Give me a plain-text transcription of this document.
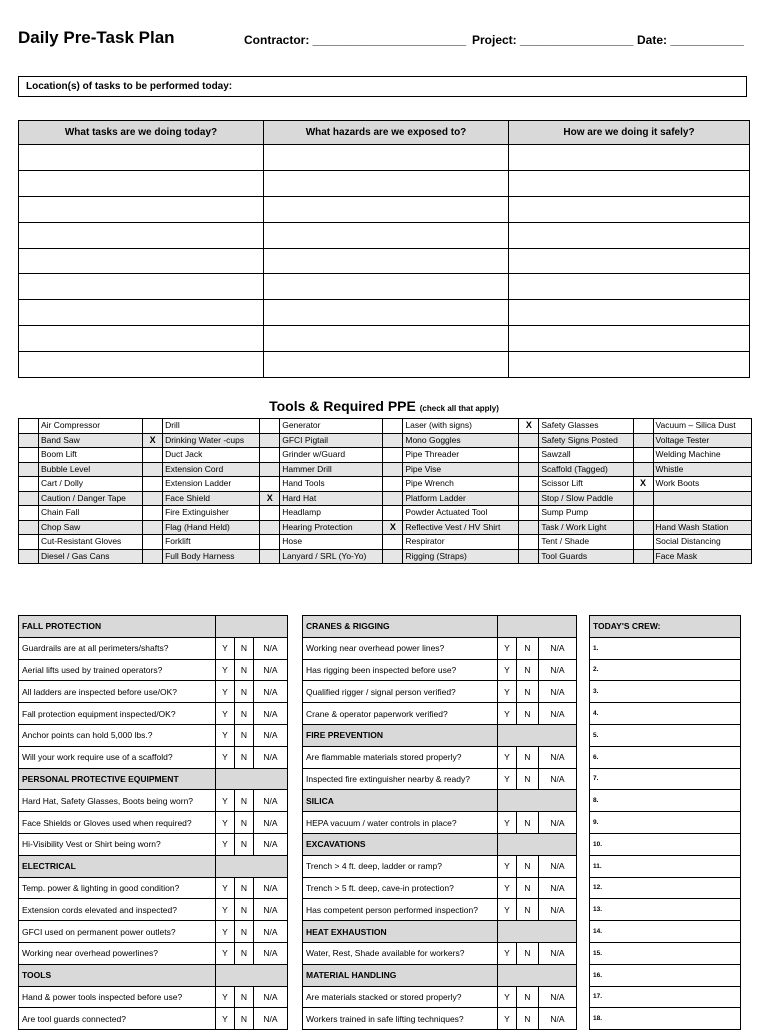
Daily Pre-Task Plan	Contractor: _______________________ Project: _________________ Date: ___________
Location(s) of tasks to be performed today:
What tasks are we doing today?	What hazards are we exposed to?	How are we doing it safely?

Tools & Required PPE (check all that apply)
	Air Compressor		Drill		Generator		Laser (with signs)	X	Safety Glasses		Vacuum – Silica Dust
	Band Saw	X	Drinking Water -cups		GFCI Pigtail		Mono Goggles		Safety Signs Posted		Voltage Tester
	Boom Lift		Duct Jack		Grinder w/Guard		Pipe Threader		Sawzall		Welding Machine
	Bubble Level		Extension Cord		Hammer Drill		Pipe Vise		Scaffold (Tagged)		Whistle
	Cart / Dolly		Extension Ladder		Hand Tools		Pipe Wrench		Scissor Lift	X	Work Boots
	Caution / Danger Tape		Face Shield	X	Hard Hat		Platform Ladder		Stop / Slow Paddle		
	Chain Fall		Fire Extinguisher		Headlamp		Powder Actuated Tool		Sump Pump		
	Chop Saw		Flag (Hand Held)		Hearing Protection	X	Reflective Vest / HV Shirt		Task / Work Light		Hand Wash Station
	Cut-Resistant Gloves		Forklift		Hose		Respirator		Tent / Shade		Social Distancing
	Diesel / Gas Cans		Full Body Harness		Lanyard / SRL (Yo-Yo)		Rigging (Straps)		Tool Guards		Face Mask
FALL PROTECTION			
Guardrails are at all perimeters/shafts?	Y	N	N/A
Aerial lifts used by trained operators?	Y	N	N/A
All ladders are inspected before use/OK?	Y	N	N/A
Fall protection equipment inspected/OK?	Y	N	N/A
Anchor points can hold 5,000 lbs.?	Y	N	N/A
Will your work require use of a scaffold?	Y	N	N/A
PERSONAL PROTECTIVE EQUIPMENT			
Hard Hat, Safety Glasses, Boots being worn?	Y	N	N/A
Face Shields or Gloves used when required?	Y	N	N/A
Hi-Visibility Vest or Shirt being worn?	Y	N	N/A
ELECTRICAL			
Temp. power & lighting in good condition?	Y	N	N/A
Extension cords elevated and inspected?	Y	N	N/A
GFCI used on permanent power outlets?	Y	N	N/A
Working near overhead powerlines?	Y	N	N/A
TOOLS			
Hand & power tools inspected before use?	Y	N	N/A
Are tool guards connected?	Y	N	N/A
CRANES & RIGGING			
Working near overhead power lines?	Y	N	N/A
Has rigging been inspected before use?	Y	N	N/A
Qualified rigger / signal person verified?	Y	N	N/A
Crane & operator paperwork verified?	Y	N	N/A
FIRE PREVENTION			
Are flammable materials stored properly?	Y	N	N/A
Inspected fire extinguisher nearby & ready?	Y	N	N/A
SILICA			
HEPA vacuum / water controls in place?	Y	N	N/A
EXCAVATIONS			
Trench > 4 ft. deep, ladder or ramp?	Y	N	N/A
Trench > 5 ft. deep, cave-in protection?	Y	N	N/A
Has competent person performed inspection?	Y	N	N/A
HEAT EXHAUSTION			
Water, Rest, Shade available for workers?	Y	N	N/A
MATERIAL HANDLING			
Are materials stacked or stored properly?	Y	N	N/A
Workers trained in safe lifting techniques?	Y	N	N/A
TODAY'S CREW:
1.
2.
3.
4.
5.
6.
7.
8.
9.
10.
11.
12.
13.
14.
15.
16.
17.
18.
